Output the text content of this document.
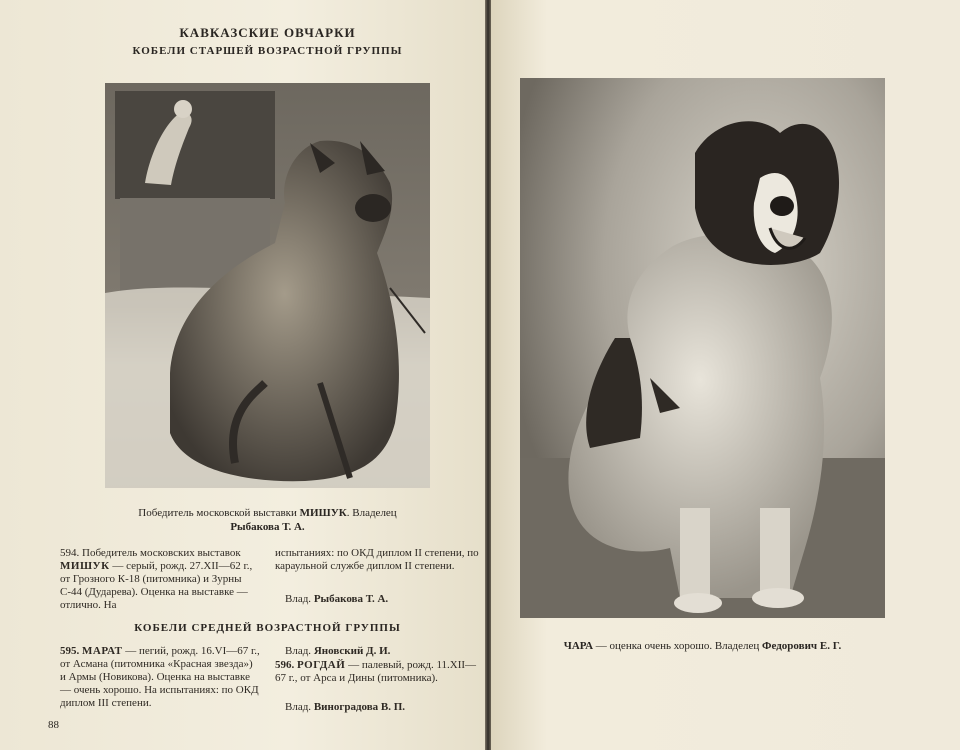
КАВКАЗСКИЕ ОВЧАРКИ
КОБЕЛИ СТАРШЕЙ ВОЗРАСТНОЙ ГРУППЫ
Победитель московской выставки МИШУК. Владелец
Рыбакова Т. А.
594. Победитель московских выставок МИШУК — серый, рожд. 27.XII—62 г., от Грозного К-18 (питомника) и Зурны С-44 (Дударева). Оценка на выставке — отлично. На
испытаниях: по ОКД диплом II степени, по караульной службе диплом II степени.
Влад. Рыбакова Т. А.
КОБЕЛИ СРЕДНЕЙ ВОЗРАСТНОЙ ГРУППЫ
595. МАРАТ — пегий, рожд. 16.VI—67 г., от Асмана (питомника «Красная звезда») и Армы (Новикова). Оценка на выставке — очень хорошо. На испытаниях: по ОКД диплом III степени.
Влад. Яновский Д. И.
596. РОГДАЙ — палевый, рожд. 11.XII—67 г., от Арса и Дины (питомника).
Влад. Виноградова В. П.
88
ЧАРА — оценка очень хорошо. Владелец Федорович Е. Г.
